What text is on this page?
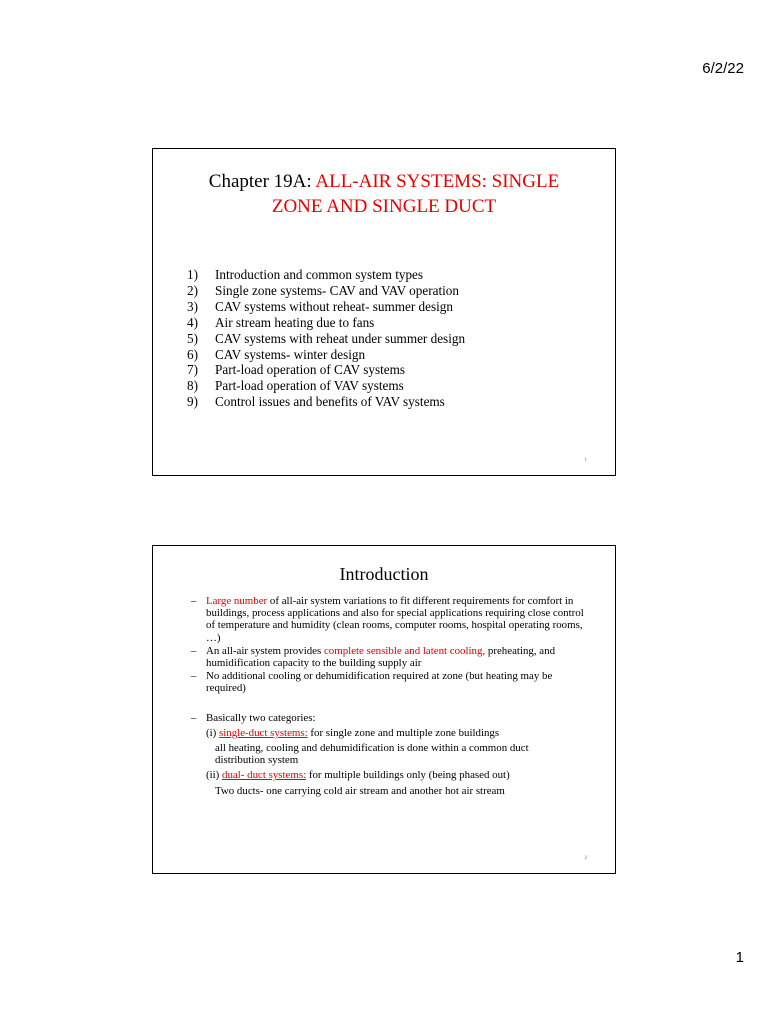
6/2/22
Chapter 19A: ALL-AIR SYSTEMS: SINGLE
ZONE AND SINGLE DUCT
1) Introduction and common system types
2) Single zone systems- CAV and VAV operation
3) CAV systems without reheat- summer design
4) Air stream heating due to fans
5) CAV systems with reheat under summer design
6) CAV systems- winter design
7) Part-load operation of CAV systems
8) Part-load operation of VAV systems
9) Control issues and benefits of VAV systems
1
Introduction
– Large number of all-air system variations to fit different requirements for comfort in buildings, process applications and also for special applications requiring close control of temperature and humidity (clean rooms, computer rooms, hospital operating rooms, …)
– An all-air system provides complete sensible and latent cooling, preheating, and humidification capacity to the building supply air
– No additional cooling or dehumidification required at zone (but heating may be required)
– Basically two categories:
(i) single-duct systems: for single zone and multiple zone buildings
all heating, cooling and dehumidification is done within a common duct distribution system
(ii) dual- duct systems: for multiple buildings only (being phased out)
Two ducts- one carrying cold air stream and another hot air stream
2
1
